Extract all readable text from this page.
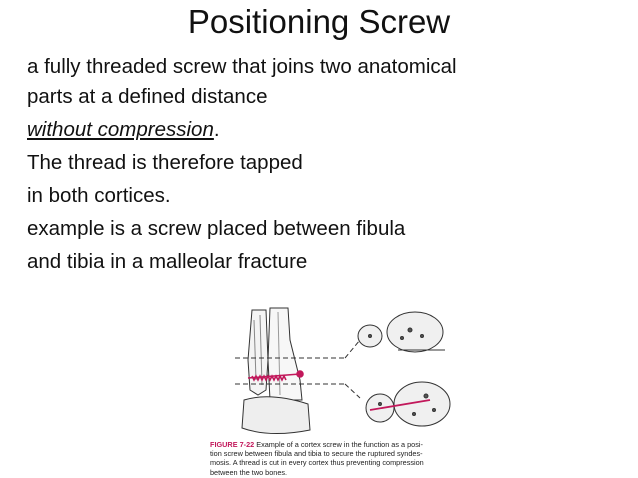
Positioning Screw
a fully threaded screw that joins two anatomical
parts at a defined distance
without compression.
The thread is therefore tapped
in both cortices.
example is a screw placed between fibula
and tibia in a malleolar fracture
FIGURE 7-22 Example of a cortex screw in the function as a posi-
tion screw between fibula and tibia to secure the ruptured syndes-
mosis. A thread is cut in every cortex thus preventing compression
between the two bones.
